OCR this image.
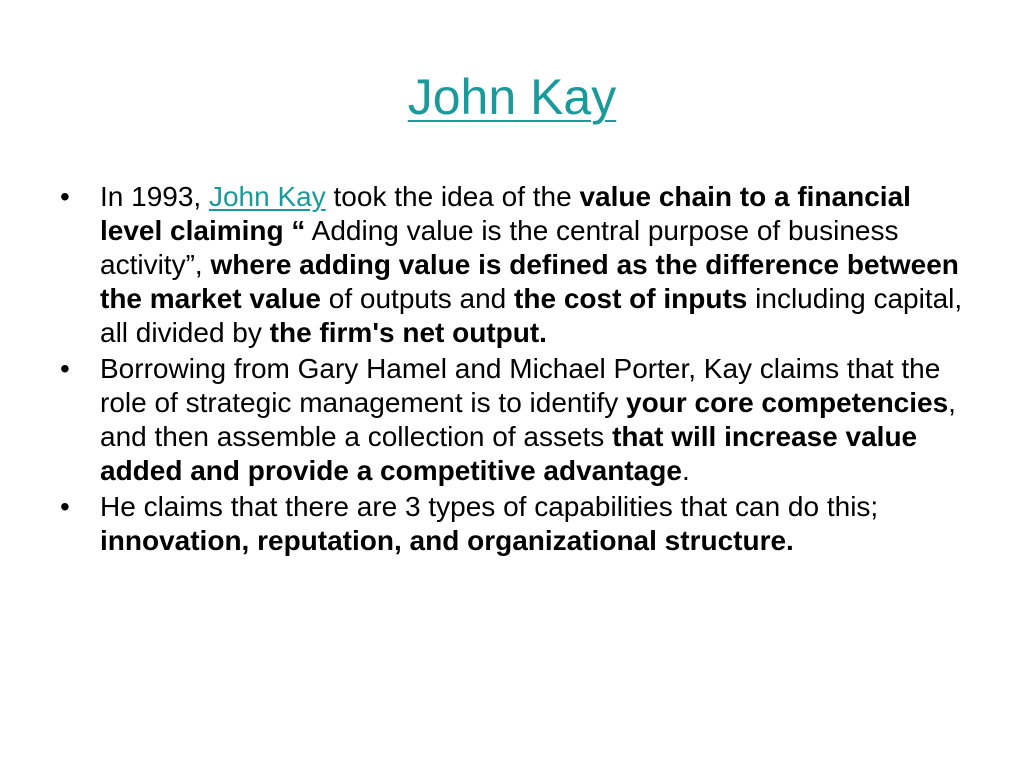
John Kay
•	In 1993, John Kay took the idea of the value chain to a financial level claiming “ Adding value is the central purpose of business activity”, where adding value is defined as the difference between the market value of outputs and the cost of inputs including capital, all divided by the firm's net output.
•	Borrowing from Gary Hamel and Michael Porter, Kay claims that the role of strategic management is to identify your core competencies, and then assemble a collection of assets that will increase value added and provide a competitive advantage.
•	He claims that there are 3 types of capabilities that can do this; innovation, reputation, and organizational structure.
